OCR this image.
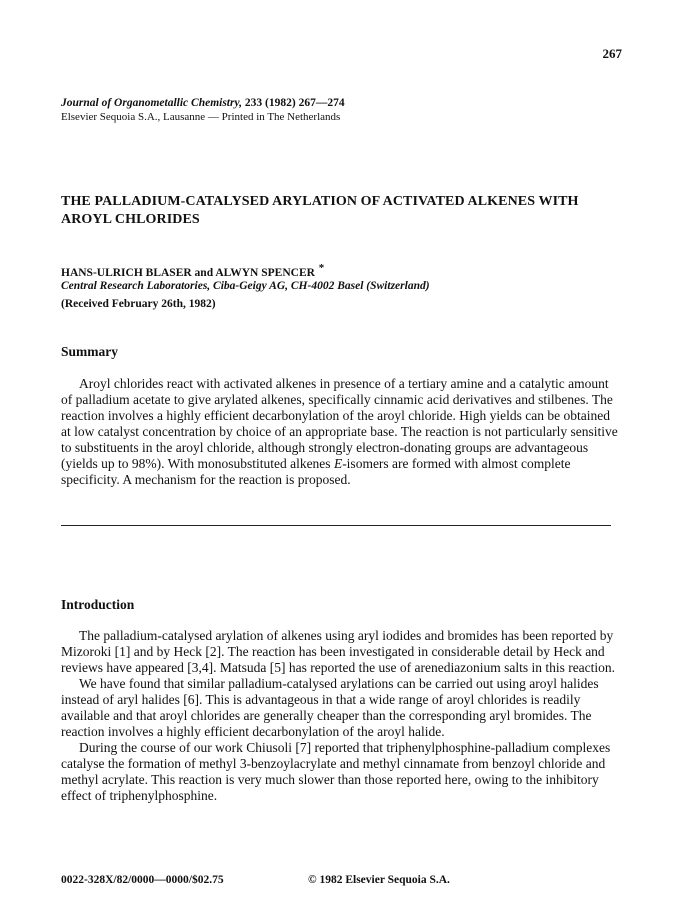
267
Journal of Organometallic Chemistry, 233 (1982) 267—274
Elsevier Sequoia S.A., Lausanne — Printed in The Netherlands
THE PALLADIUM-CATALYSED ARYLATION OF ACTIVATED ALKENES WITH AROYL CHLORIDES
HANS-ULRICH BLASER and ALWYN SPENCER *
Central Research Laboratories, Ciba-Geigy AG, CH-4002 Basel (Switzerland)
(Received February 26th, 1982)
Summary

Aroyl chlorides react with activated alkenes in presence of a tertiary amine and a catalytic amount of palladium acetate to give arylated alkenes, specifically cinnamic acid derivatives and stilbenes. The reaction involves a highly efficient decarbonylation of the aroyl chloride. High yields can be obtained at low catalyst concentration by choice of an appropriate base. The reaction is not particularly sensitive to substituents in the aroyl chloride, although strongly electron-donating groups are advantageous (yields up to 98%). With monosubstituted alkenes E-isomers are formed with almost complete specificity. A mechanism for the reaction is proposed.

Introduction

The palladium-catalysed arylation of alkenes using aryl iodides and bromides has been reported by Mizoroki [1] and by Heck [2]. The reaction has been investigated in considerable detail by Heck and reviews have appeared [3,4]. Matsuda [5] has reported the use of arenediazonium salts in this reaction.

We have found that similar palladium-catalysed arylations can be carried out using aroyl halides instead of aryl halides [6]. This is advantageous in that a wide range of aroyl chlorides is readily available and that aroyl chlorides are generally cheaper than the corresponding aryl bromides. The reaction involves a highly efficient decarbonylation of the aroyl halide.

During the course of our work Chiusoli [7] reported that triphenylphosphine-palladium complexes catalyse the formation of methyl 3-benzoylacrylate and methyl cinnamate from benzoyl chloride and methyl acrylate. This reaction is very much slower than those reported here, owing to the inhibitory effect of triphenylphosphine.

0022-328X/82/0000—0000/$02.75	© 1982 Elsevier Sequoia S.A.
